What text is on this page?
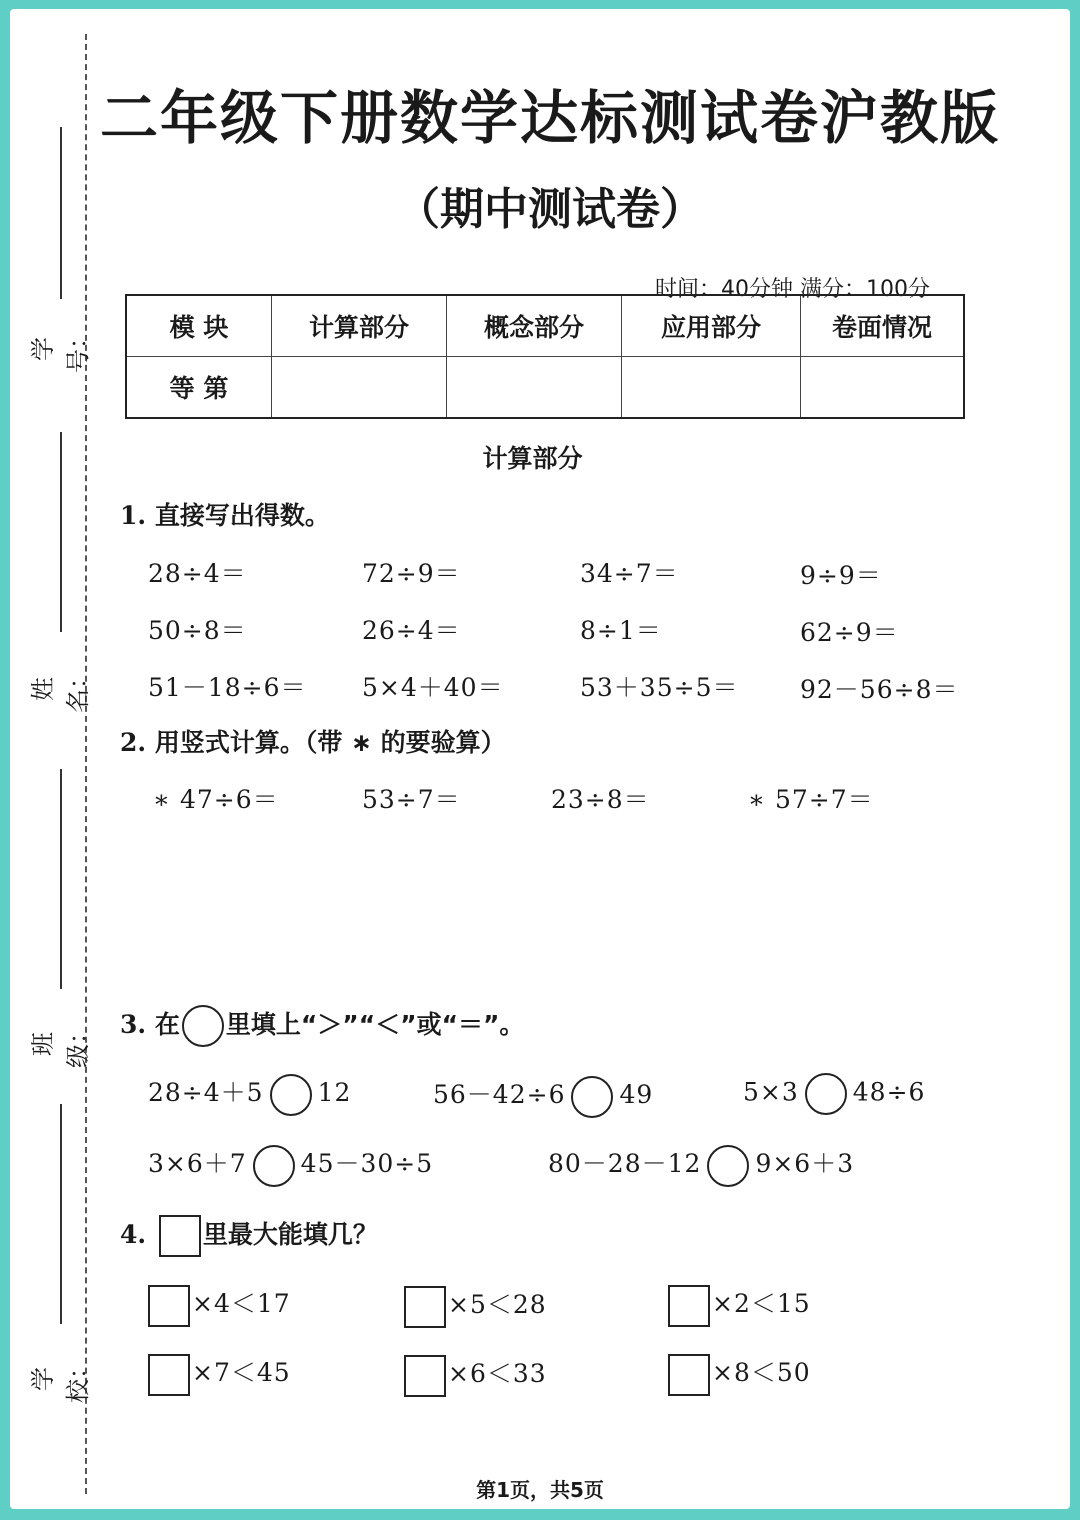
学号：
姓名：
班级：
学校：
二年级下册数学达标测试卷沪教版
（期中测试卷）
时间：40分钟 满分：100分
模 块	计算部分	概念部分	应用部分	卷面情况
等 第				
计算部分
1. 直接写出得数。
28÷4＝	72÷9＝	34÷7＝	9÷9＝
50÷8＝	26÷4＝	8÷1＝	62÷9＝
51－18÷6＝ 5×4＋40＝	53＋35÷5＝ 92－56÷8＝
2. 用竖式计算。（带 ∗ 的要验算）
∗ 47÷6＝	53÷7＝	23÷8＝	∗ 57÷7＝
3. 在 里填上“＞”“＜”或“＝”。
28÷4＋5 12	56－42÷6 49	5×3 48÷6
3×6＋7 45－30÷5	80－28－12 9×6＋3
4. 里最大能填几？
×4＜17	×5＜28	×2＜15
×7＜45	×6＜33	×8＜50
第1页，共5页
